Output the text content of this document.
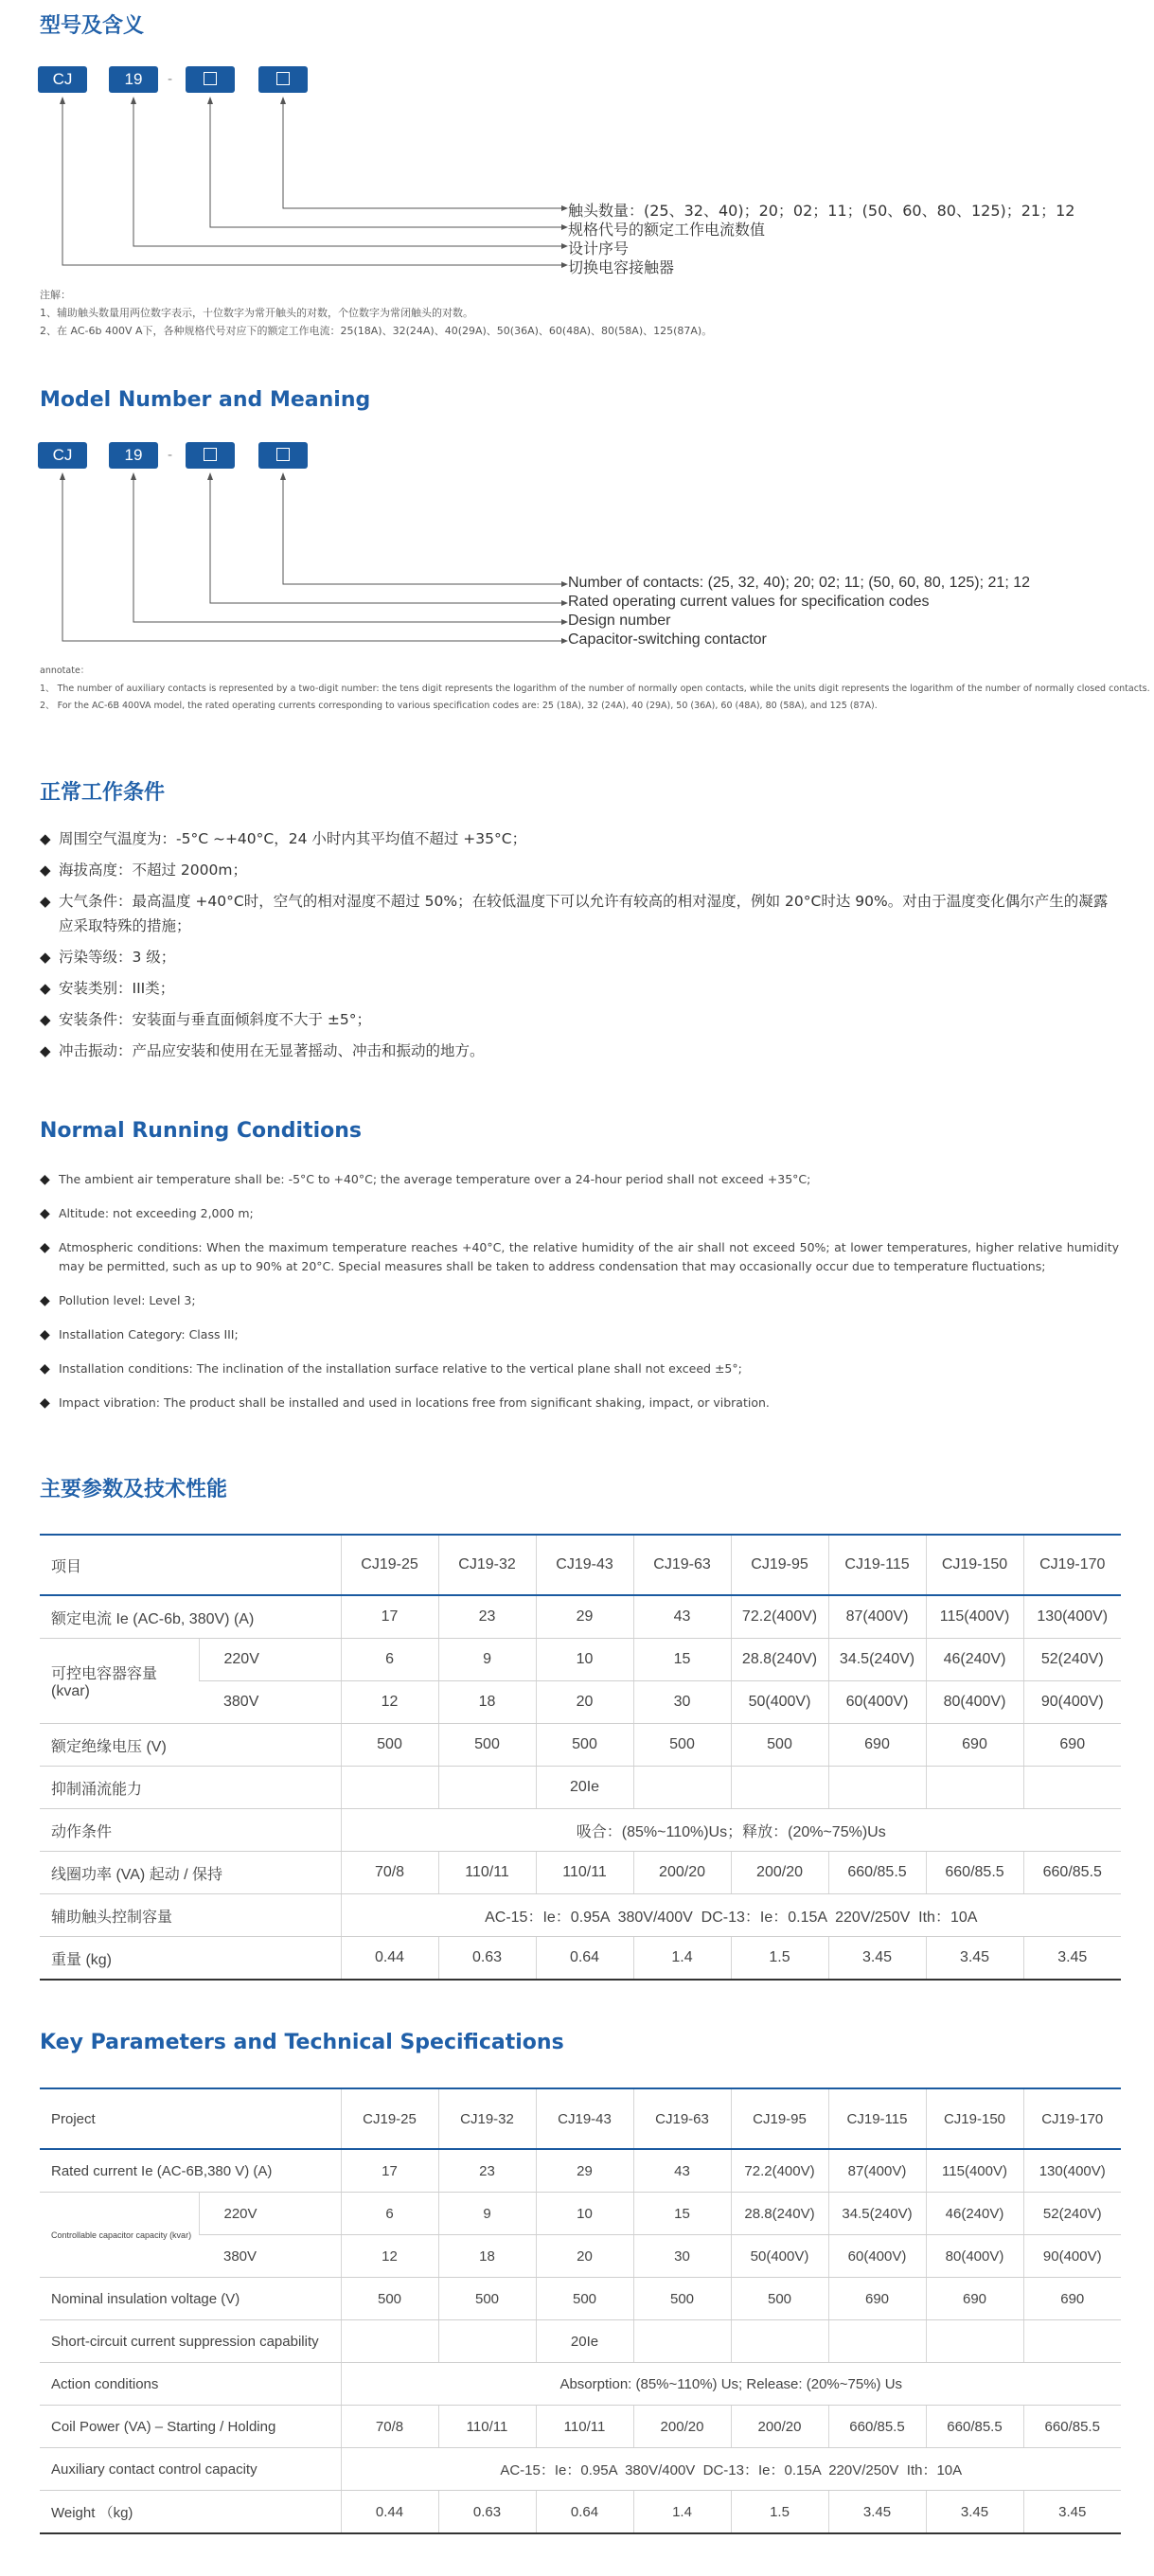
型号及含义
CJ	19	-
触头数量：(25、32、40)；20；02；11；(50、60、80、125)；21；12
规格代号的额定工作电流数值
设计序号
切换电容接触器
注解：
1、辅助触头数量用两位数字表示，十位数字为常开触头的对数，个位数字为常闭触头的对数。
2、在 AC-6b 400V A下，各种规格代号对应下的额定工作电流：25(18A)、32(24A)、40(29A)、50(36A)、60(48A)、80(58A)、125(87A)。
Model Number and Meaning
CJ	19	-
Number of contacts: (25, 32, 40); 20; 02; 11; (50, 60, 80, 125); 21; 12
Rated operating current values for specification codes
Design number
Capacitor-switching contactor
annotate：
1、 The number of auxiliary contacts is represented by a two-digit number: the tens digit represents the logarithm of the number of normally open contacts, while the units digit represents the logarithm of the number of normally closed contacts.
2、 For the AC-6B 400VA model, the rated operating currents corresponding to various specification codes are: 25 (18A), 32 (24A), 40 (29A), 50 (36A), 60 (48A), 80 (58A), and 125 (87A).
正常工作条件
◆ 周围空气温度为：-5°C ~+40°C，24 小时内其平均值不超过 +35°C；
◆ 海拔高度：不超过 2000m；
◆ 大气条件：最高温度 +40°C时，空气的相对湿度不超过 50%；在较低温度下可以允许有较高的相对湿度，例如 20°C时达 90%。对由于温度变化偶尔产生的凝露应采取特殊的措施；
◆ 污染等级：3 级；
◆ 安装类别：III类；
◆ 安装条件：安装面与垂直面倾斜度不大于 ±5°；
◆ 冲击振动：产品应安装和使用在无显著摇动、冲击和振动的地方。
Normal Running Conditions
◆ The ambient air temperature shall be: -5°C to +40°C; the average temperature over a 24-hour period shall not exceed +35°C;
◆ Altitude: not exceeding 2,000 m;
◆ Atmospheric conditions: When the maximum temperature reaches +40°C, the relative humidity of the air shall not exceed 50%; at lower temperatures, higher relative humidity may be permitted, such as up to 90% at 20°C. Special measures shall be taken to address condensation that may occasionally occur due to temperature fluctuations;
◆ Pollution level: Level 3;
◆ Installation Category: Class III;
◆ Installation conditions: The inclination of the installation surface relative to the vertical plane shall not exceed ±5°;
◆ Impact vibration: The product shall be installed and used in locations free from significant shaking, impact, or vibration.
主要参数及技术性能
项目		CJ19-25	CJ19-32	CJ19-43	CJ19-63	CJ19-95	CJ19-115	CJ19-150	CJ19-170
额定电流 Ie (AC-6b, 380V) (A)		17	23	29	43	72.2(400V)	87(400V)	115(400V)	130(400V)
可控电容器容量 (kvar)	220V	6	9	10	15	28.8(240V)	34.5(240V)	46(240V)	52(240V)
	380V	12	18	20	30	50(400V)	60(400V)	80(400V)	90(400V)
额定绝缘电压 (V)		500	500	500	500	500	690	690	690
抑制涌流能力				20Ie					
动作条件		吸合：(85%~110%)Us；释放：(20%~75%)Us							
线圈功率 (VA) 起动 / 保持		70/8	110/11	110/11	200/20	200/20	660/85.5	660/85.5	660/85.5
辅助触头控制容量		AC-15：Ie：0.95A  380V/400V  DC-13：Ie：0.15A  220V/250V  Ith：10A							
重量 (kg)		0.44	0.63	0.64	1.4	1.5	3.45	3.45	3.45
Key Parameters and Technical Specifications
Project		CJ19-25	CJ19-32	CJ19-43	CJ19-63	CJ19-95	CJ19-115	CJ19-150	CJ19-170
Rated current Ie (AC-6B,380 V) (A)		17	23	29	43	72.2(400V)	87(400V)	115(400V)	130(400V)
Controllable capacitor capacity (kvar)	220V	6	9	10	15	28.8(240V)	34.5(240V)	46(240V)	52(240V)
	380V	12	18	20	30	50(400V)	60(400V)	80(400V)	90(400V)
Nominal insulation voltage (V)		500	500	500	500	500	690	690	690
Short-circuit current suppression capability				20Ie					
Action conditions		Absorption: (85%~110%) Us; Release: (20%~75%) Us							
Coil Power (VA) – Starting / Holding		70/8	110/11	110/11	200/20	200/20	660/85.5	660/85.5	660/85.5
Auxiliary contact control capacity		AC-15：Ie：0.95A  380V/400V  DC-13：Ie：0.15A  220V/250V  Ith：10A							
Weight （kg)		0.44	0.63	0.64	1.4	1.5	3.45	3.45	3.45
